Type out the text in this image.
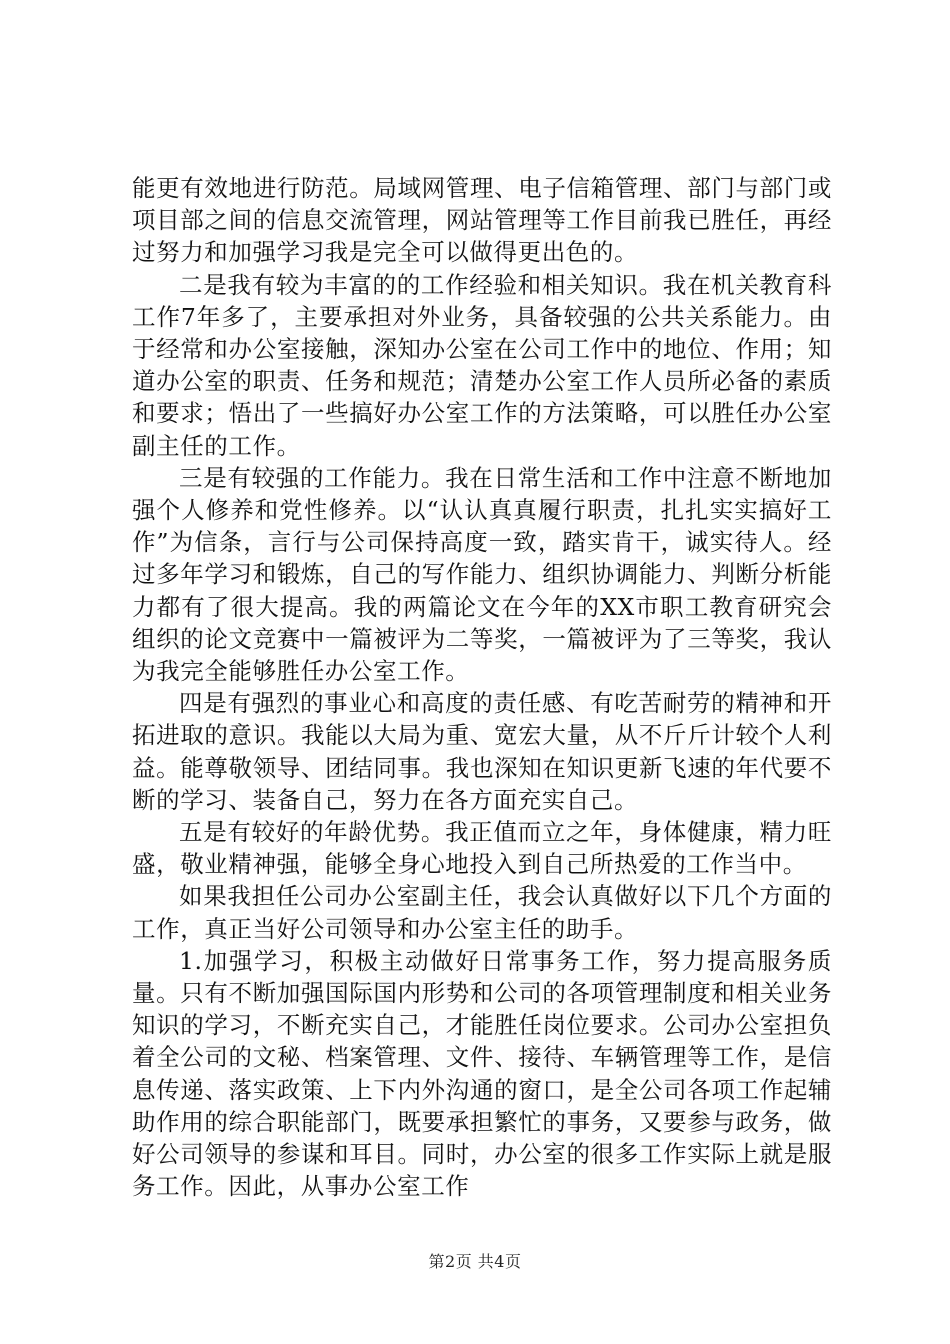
能更有效地进行防范。局域网管理、电子信箱管理、部门与部门或项目部之间的信息交流管理，网站管理等工作目前我已胜任，再经过努力和加强学习我是完全可以做得更出色的。

二是我有较为丰富的的工作经验和相关知识。我在机关教育科工作7年多了，主要承担对外业务，具备较强的公共关系能力。由于经常和办公室接触，深知办公室在公司工作中的地位、作用；知道办公室的职责、任务和规范；清楚办公室工作人员所必备的素质和要求；悟出了一些搞好办公室工作的方法策略，可以胜任办公室副主任的工作。

三是有较强的工作能力。我在日常生活和工作中注意不断地加强个人修养和党性修养。以“认认真真履行职责，扎扎实实搞好工作”为信条，言行与公司保持高度一致，踏实肯干，诚实待人。经过多年学习和锻炼，自己的写作能力、组织协调能力、判断分析能力都有了很大提高。我的两篇论文在今年的XX市职工教育研究会组织的论文竞赛中一篇被评为二等奖，一篇被评为了三等奖，我认为我完全能够胜任办公室工作。

四是有强烈的事业心和高度的责任感、有吃苦耐劳的精神和开拓进取的意识。我能以大局为重、宽宏大量，从不斤斤计较个人利益。能尊敬领导、团结同事。我也深知在知识更新飞速的年代要不断的学习、装备自己，努力在各方面充实自己。

五是有较好的年龄优势。我正值而立之年，身体健康，精力旺盛，敬业精神强，能够全身心地投入到自己所热爱的工作当中。

如果我担任公司办公室副主任，我会认真做好以下几个方面的工作，真正当好公司领导和办公室主任的助手。

1.加强学习，积极主动做好日常事务工作，努力提高服务质量。只有不断加强国际国内形势和公司的各项管理制度和相关业务知识的学习，不断充实自己，才能胜任岗位要求。公司办公室担负着全公司的文秘、档案管理、文件、接待、车辆管理等工作，是信息传递、落实政策、上下内外沟通的窗口，是全公司各项工作起辅助作用的综合职能部门，既要承担繁忙的事务，又要参与政务，做好公司领导的参谋和耳目。同时，办公室的很多工作实际上就是服务工作。因此，从事办公室工作

第2页 共4页
